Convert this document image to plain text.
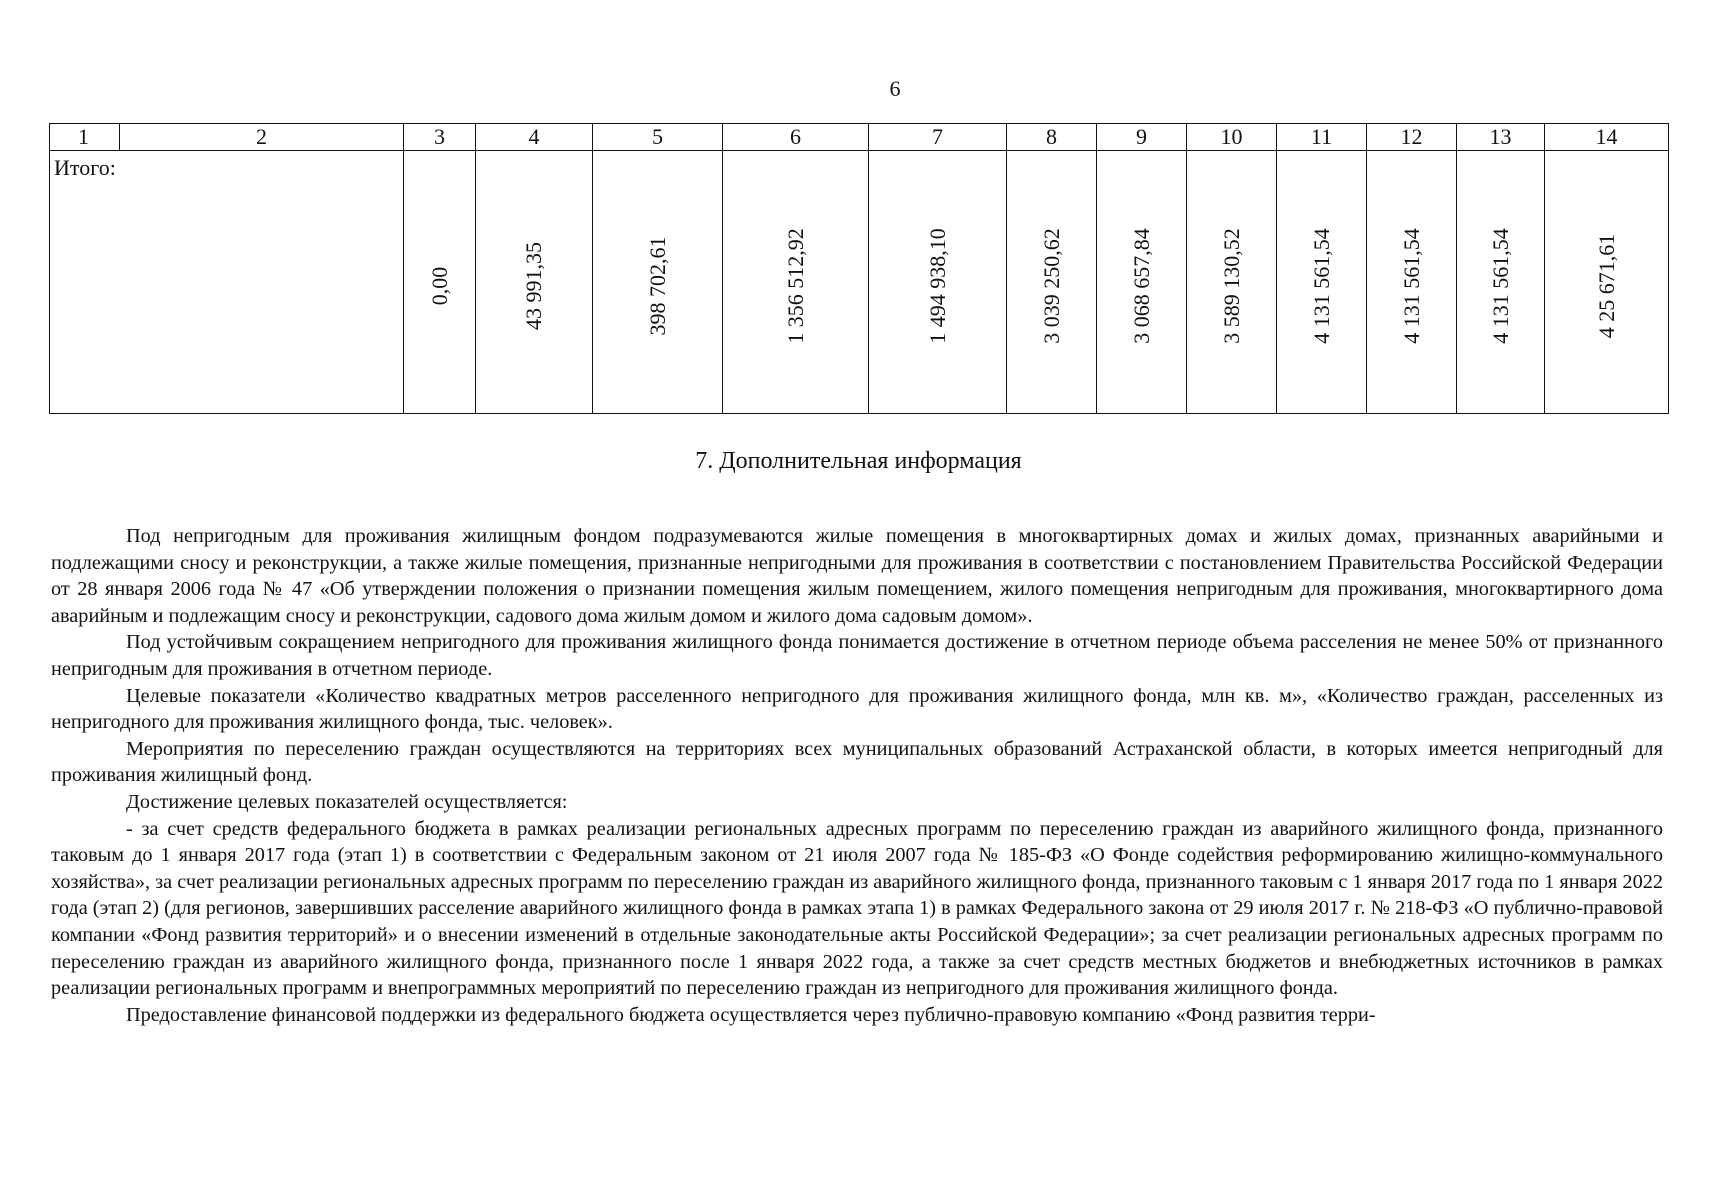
6
1	2	3	4	5	6	7	8	9	10	11	12	13	14
Итого:		0,00	43 991,35	398 702,61	1 356 512,92	1 494 938,10	3 039 250,62	3 068 657,84	3 589 130,52	4 131 561,54	4 131 561,54	4 131 561,54	4 25 671,61
7. Дополнительная информация

Под непригодным для проживания жилищным фондом подразумеваются жилые помещения в многоквартирных домах и жилых домах, признанных аварийными и подлежащими сносу и реконструкции, а также жилые помещения, признанные непригодными для проживания в соответствии с постановлением Правительства Российской Федерации от 28 января 2006 года № 47 «Об утверждении положения о признании помещения жилым помещением, жилого помещения непригодным для проживания, многоквартирного дома аварийным и подлежащим сносу и реконструкции, садового дома жилым домом и жилого дома садовым домом».

Под устойчивым сокращением непригодного для проживания жилищного фонда понимается достижение в отчетном периоде объема расселения не менее 50% от признанного непригодным для проживания в отчетном периоде.

Целевые показатели «Количество квадратных метров расселенного непригодного для проживания жилищного фонда, млн кв. м», «Количество граждан, расселенных из непригодного для проживания жилищного фонда, тыс. человек».

Мероприятия по переселению граждан осуществляются на территориях всех муниципальных образований Астраханской области, в которых имеется непригодный для проживания жилищный фонд.

Достижение целевых показателей осуществляется:

- за счет средств федерального бюджета в рамках реализации региональных адресных программ по переселению граждан из аварийного жилищного фонда, признанного таковым до 1 января 2017 года (этап 1) в соответствии с Федеральным законом от 21 июля 2007 года № 185-ФЗ «О Фонде содействия реформированию жилищно-коммунального хозяйства», за счет реализации региональных адресных программ по переселению граждан из аварийного жилищного фонда, признанного таковым с 1 января 2017 года по 1 января 2022 года (этап 2) (для регионов, завершивших расселение аварийного жилищного фонда в рамках этапа 1) в рамках Федерального закона от 29 июля 2017 г. № 218-ФЗ «О публично-правовой компании «Фонд развития территорий» и о внесении изменений в отдельные законодательные акты Российской Федерации»; за счет реализации региональных адресных программ по переселению граждан из аварийного жилищного фонда, признанного после 1 января 2022 года, а также за счет средств местных бюджетов и внебюджетных источников в рамках реализации региональных программ и внепрограммных мероприятий по переселению граждан из непригодного для проживания жилищного фонда.

Предоставление финансовой поддержки из федерального бюджета осуществляется через публично-правовую компанию «Фонд развития терри-
